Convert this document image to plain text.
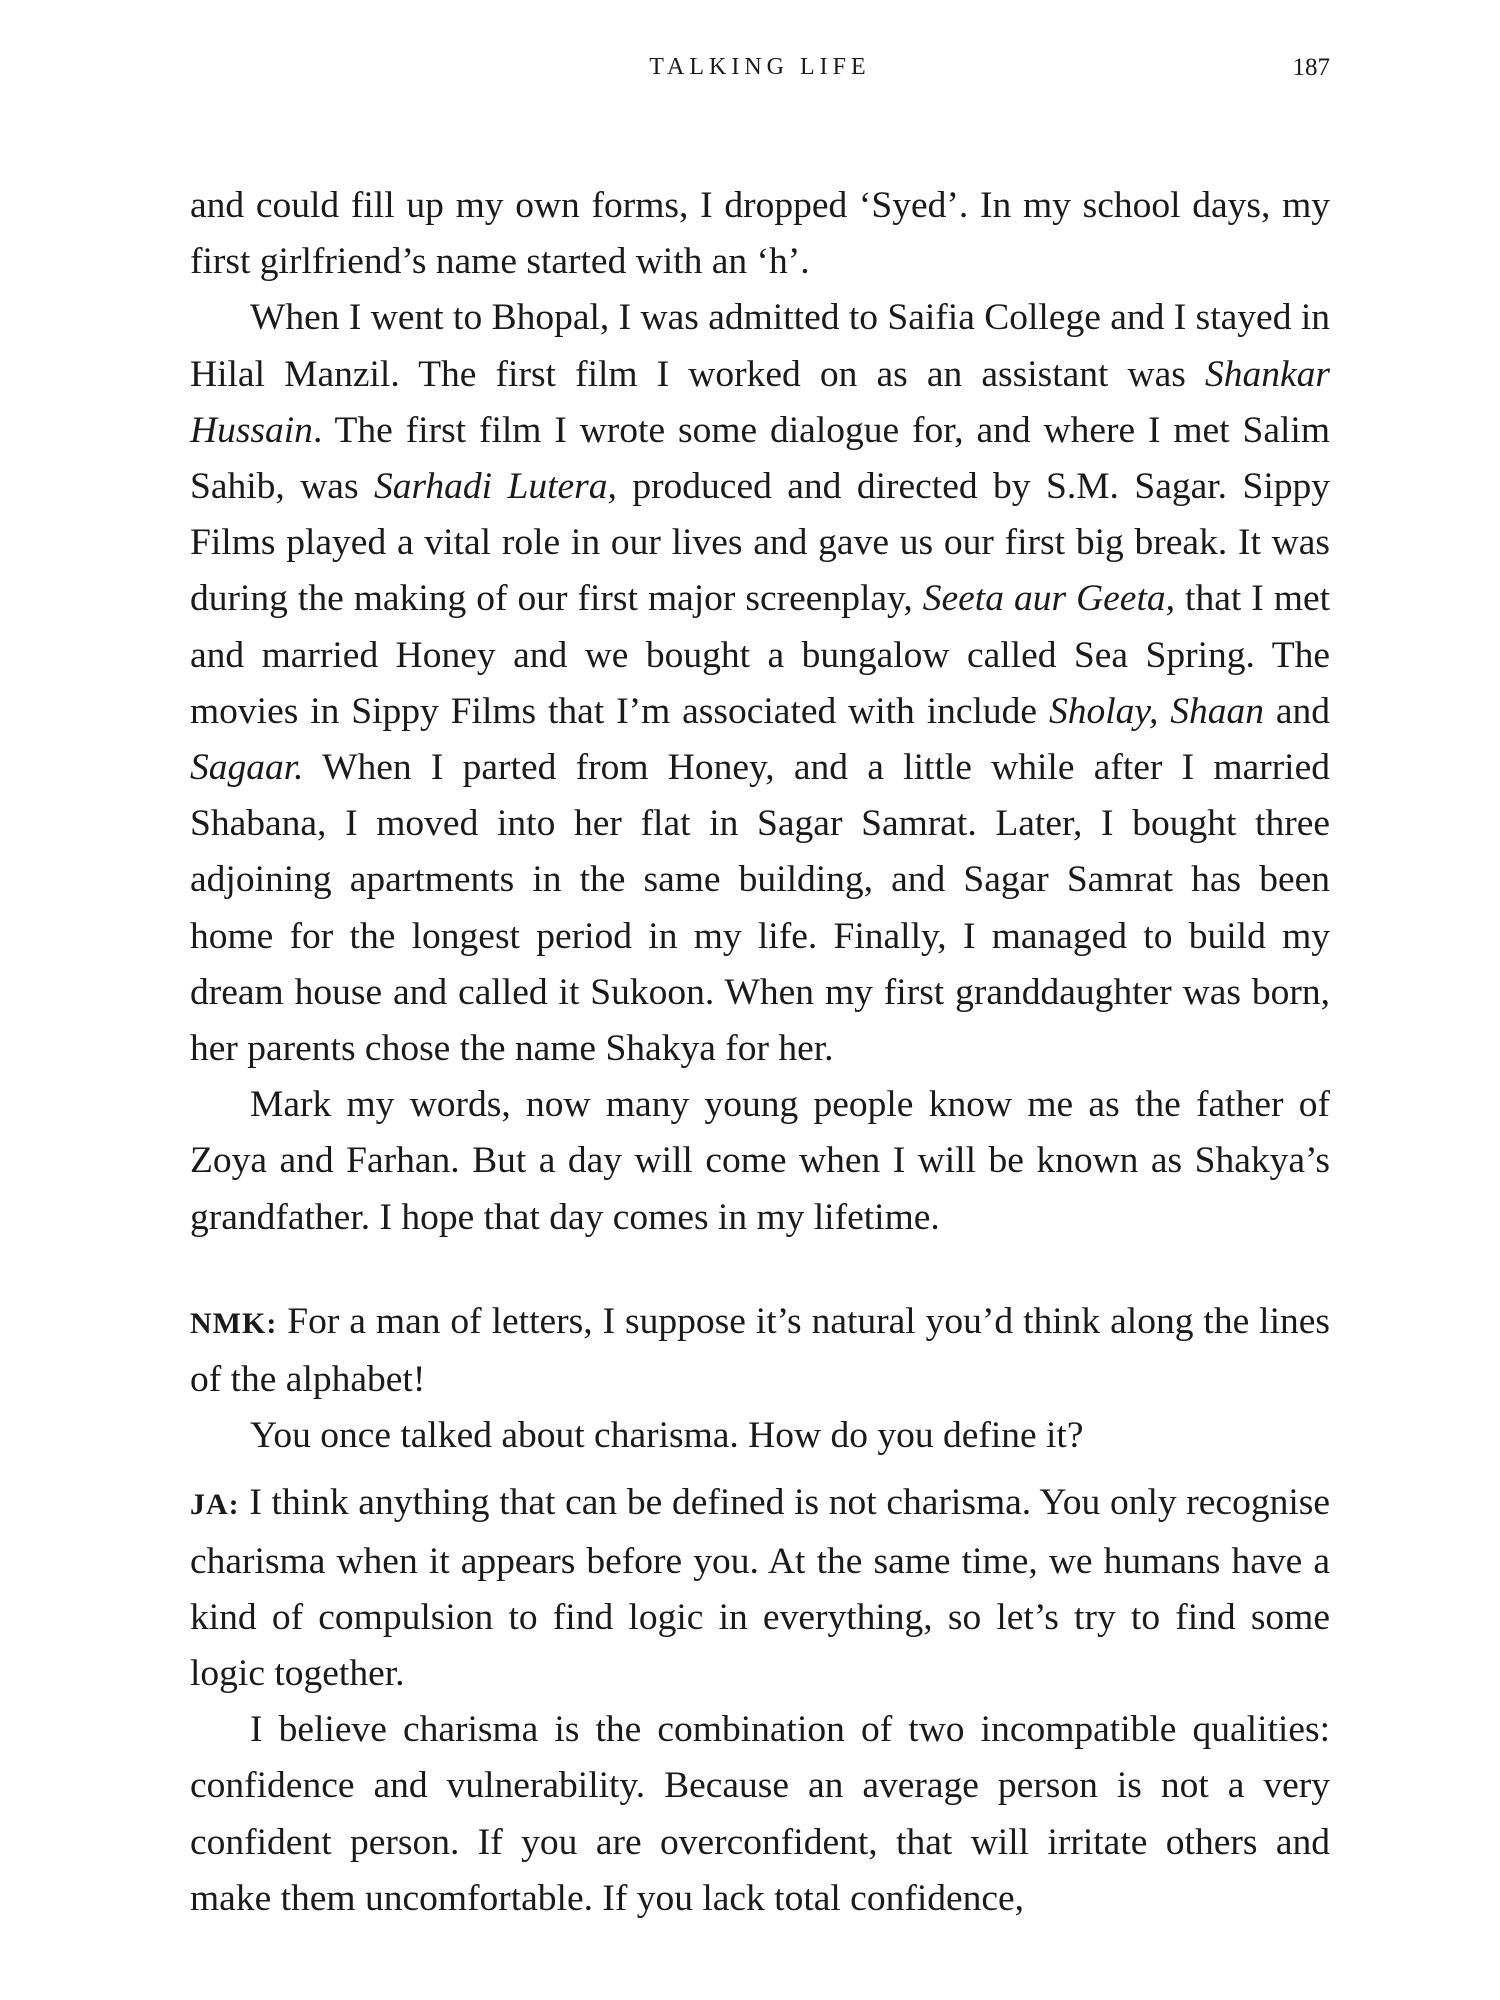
TALKING LIFE	187

and could fill up my own forms, I dropped ‘Syed’. In my school days, my first girlfriend’s name started with an ‘h’.

When I went to Bhopal, I was admitted to Saifia College and I stayed in Hilal Manzil. The first film I worked on as an assistant was Shankar Hussain. The first film I wrote some dialogue for, and where I met Salim Sahib, was Sarhadi Lutera, produced and directed by S.M. Sagar. Sippy Films played a vital role in our lives and gave us our first big break. It was during the making of our first major screenplay, Seeta aur Geeta, that I met and married Honey and we bought a bungalow called Sea Spring. The movies in Sippy Films that I’m associated with include Sholay, Shaan and Sagaar. When I parted from Honey, and a little while after I married Shabana, I moved into her flat in Sagar Samrat. Later, I bought three adjoining apartments in the same building, and Sagar Samrat has been home for the longest period in my life. Finally, I managed to build my dream house and called it Sukoon. When my first granddaughter was born, her parents chose the name Shakya for her.

Mark my words, now many young people know me as the father of Zoya and Farhan. But a day will come when I will be known as Shakya’s grandfather. I hope that day comes in my lifetime.

NMK: For a man of letters, I suppose it’s natural you’d think along the lines of the alphabet!

You once talked about charisma. How do you define it?

JA: I think anything that can be defined is not charisma. You only recognise charisma when it appears before you. At the same time, we humans have a kind of compulsion to find logic in everything, so let’s try to find some logic together.

I believe charisma is the combination of two incompatible qualities: confidence and vulnerability. Because an average person is not a very confident person. If you are overconfident, that will irritate others and make them uncomfortable. If you lack total confidence,
